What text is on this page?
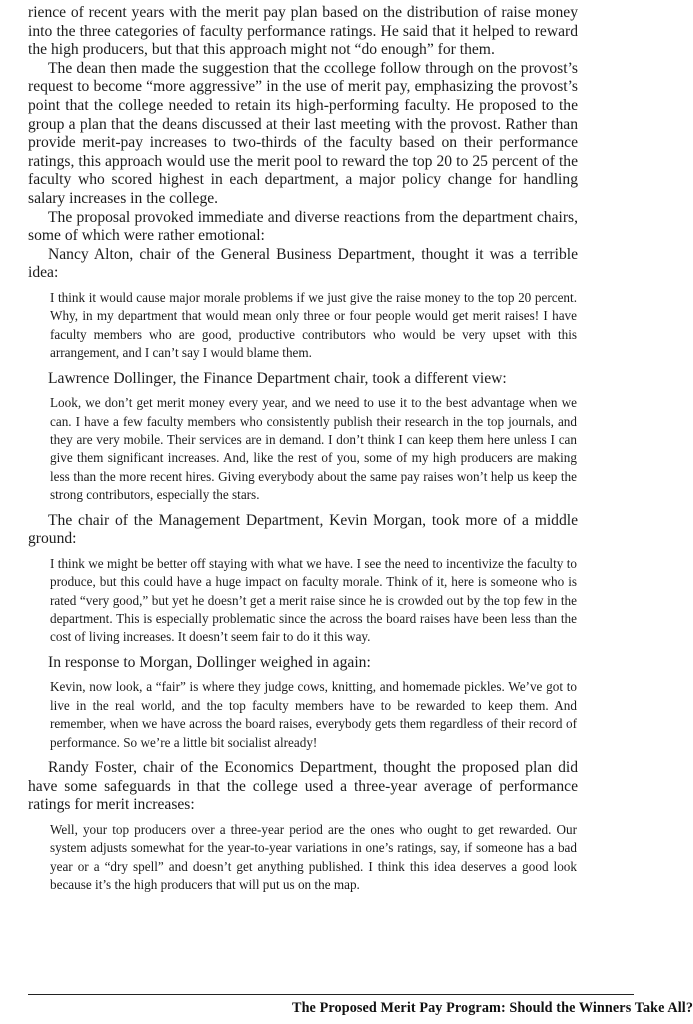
rience of recent years with the merit pay plan based on the distribution of raise money into the three categories of faculty performance ratings. He said that it helped to reward the high producers, but that this approach might not “do enough” for them.

The dean then made the suggestion that the ccollege follow through on the provost’s request to become “more aggressive” in the use of merit pay, emphasizing the provost’s point that the college needed to retain its high-performing faculty. He proposed to the group a plan that the deans discussed at their last meeting with the provost. Rather than provide merit-pay increases to two-thirds of the faculty based on their performance ratings, this approach would use the merit pool to reward the top 20 to 25 percent of the faculty who scored highest in each department, a major policy change for handling salary increases in the college.

The proposal provoked immediate and diverse reactions from the department chairs, some of which were rather emotional:

Nancy Alton, chair of the General Business Department, thought it was a terrible idea:

I think it would cause major morale problems if we just give the raise money to the top 20 percent. Why, in my department that would mean only three or four people would get merit raises! I have faculty members who are good, productive contributors who would be very upset with this arrangement, and I can’t say I would blame them.

Lawrence Dollinger, the Finance Department chair, took a different view:

Look, we don’t get merit money every year, and we need to use it to the best advantage when we can. I have a few faculty members who consistently publish their research in the top journals, and they are very mobile. Their services are in demand. I don’t think I can keep them here unless I can give them significant increases. And, like the rest of you, some of my high producers are making less than the more recent hires. Giving everybody about the same pay raises won’t help us keep the strong contributors, especially the stars.

The chair of the Management Department, Kevin Morgan, took more of a middle ground:

I think we might be better off staying with what we have. I see the need to incentivize the faculty to produce, but this could have a huge impact on faculty morale. Think of it, here is someone who is rated “very good,” but yet he doesn’t get a merit raise since he is crowded out by the top few in the department. This is especially problematic since the across the board raises have been less than the cost of living increases. It doesn’t seem fair to do it this way.

In response to Morgan, Dollinger weighed in again:

Kevin, now look, a “fair” is where they judge cows, knitting, and homemade pickles. We’ve got to live in the real world, and the top faculty members have to be rewarded to keep them. And remember, when we have across the board raises, everybody gets them regardless of their record of performance. So we’re a little bit socialist already!

Randy Foster, chair of the Economics Department, thought the proposed plan did have some safeguards in that the college used a three-year average of performance ratings for merit increases:

Well, your top producers over a three-year period are the ones who ought to get rewarded. Our system adjusts somewhat for the year-to-year variations in one’s ratings, say, if someone has a bad year or a “dry spell” and doesn’t get anything published. I think this idea deserves a good look because it’s the high producers that will put us on the map.

The Proposed Merit Pay Program: Should the Winners Take All?
